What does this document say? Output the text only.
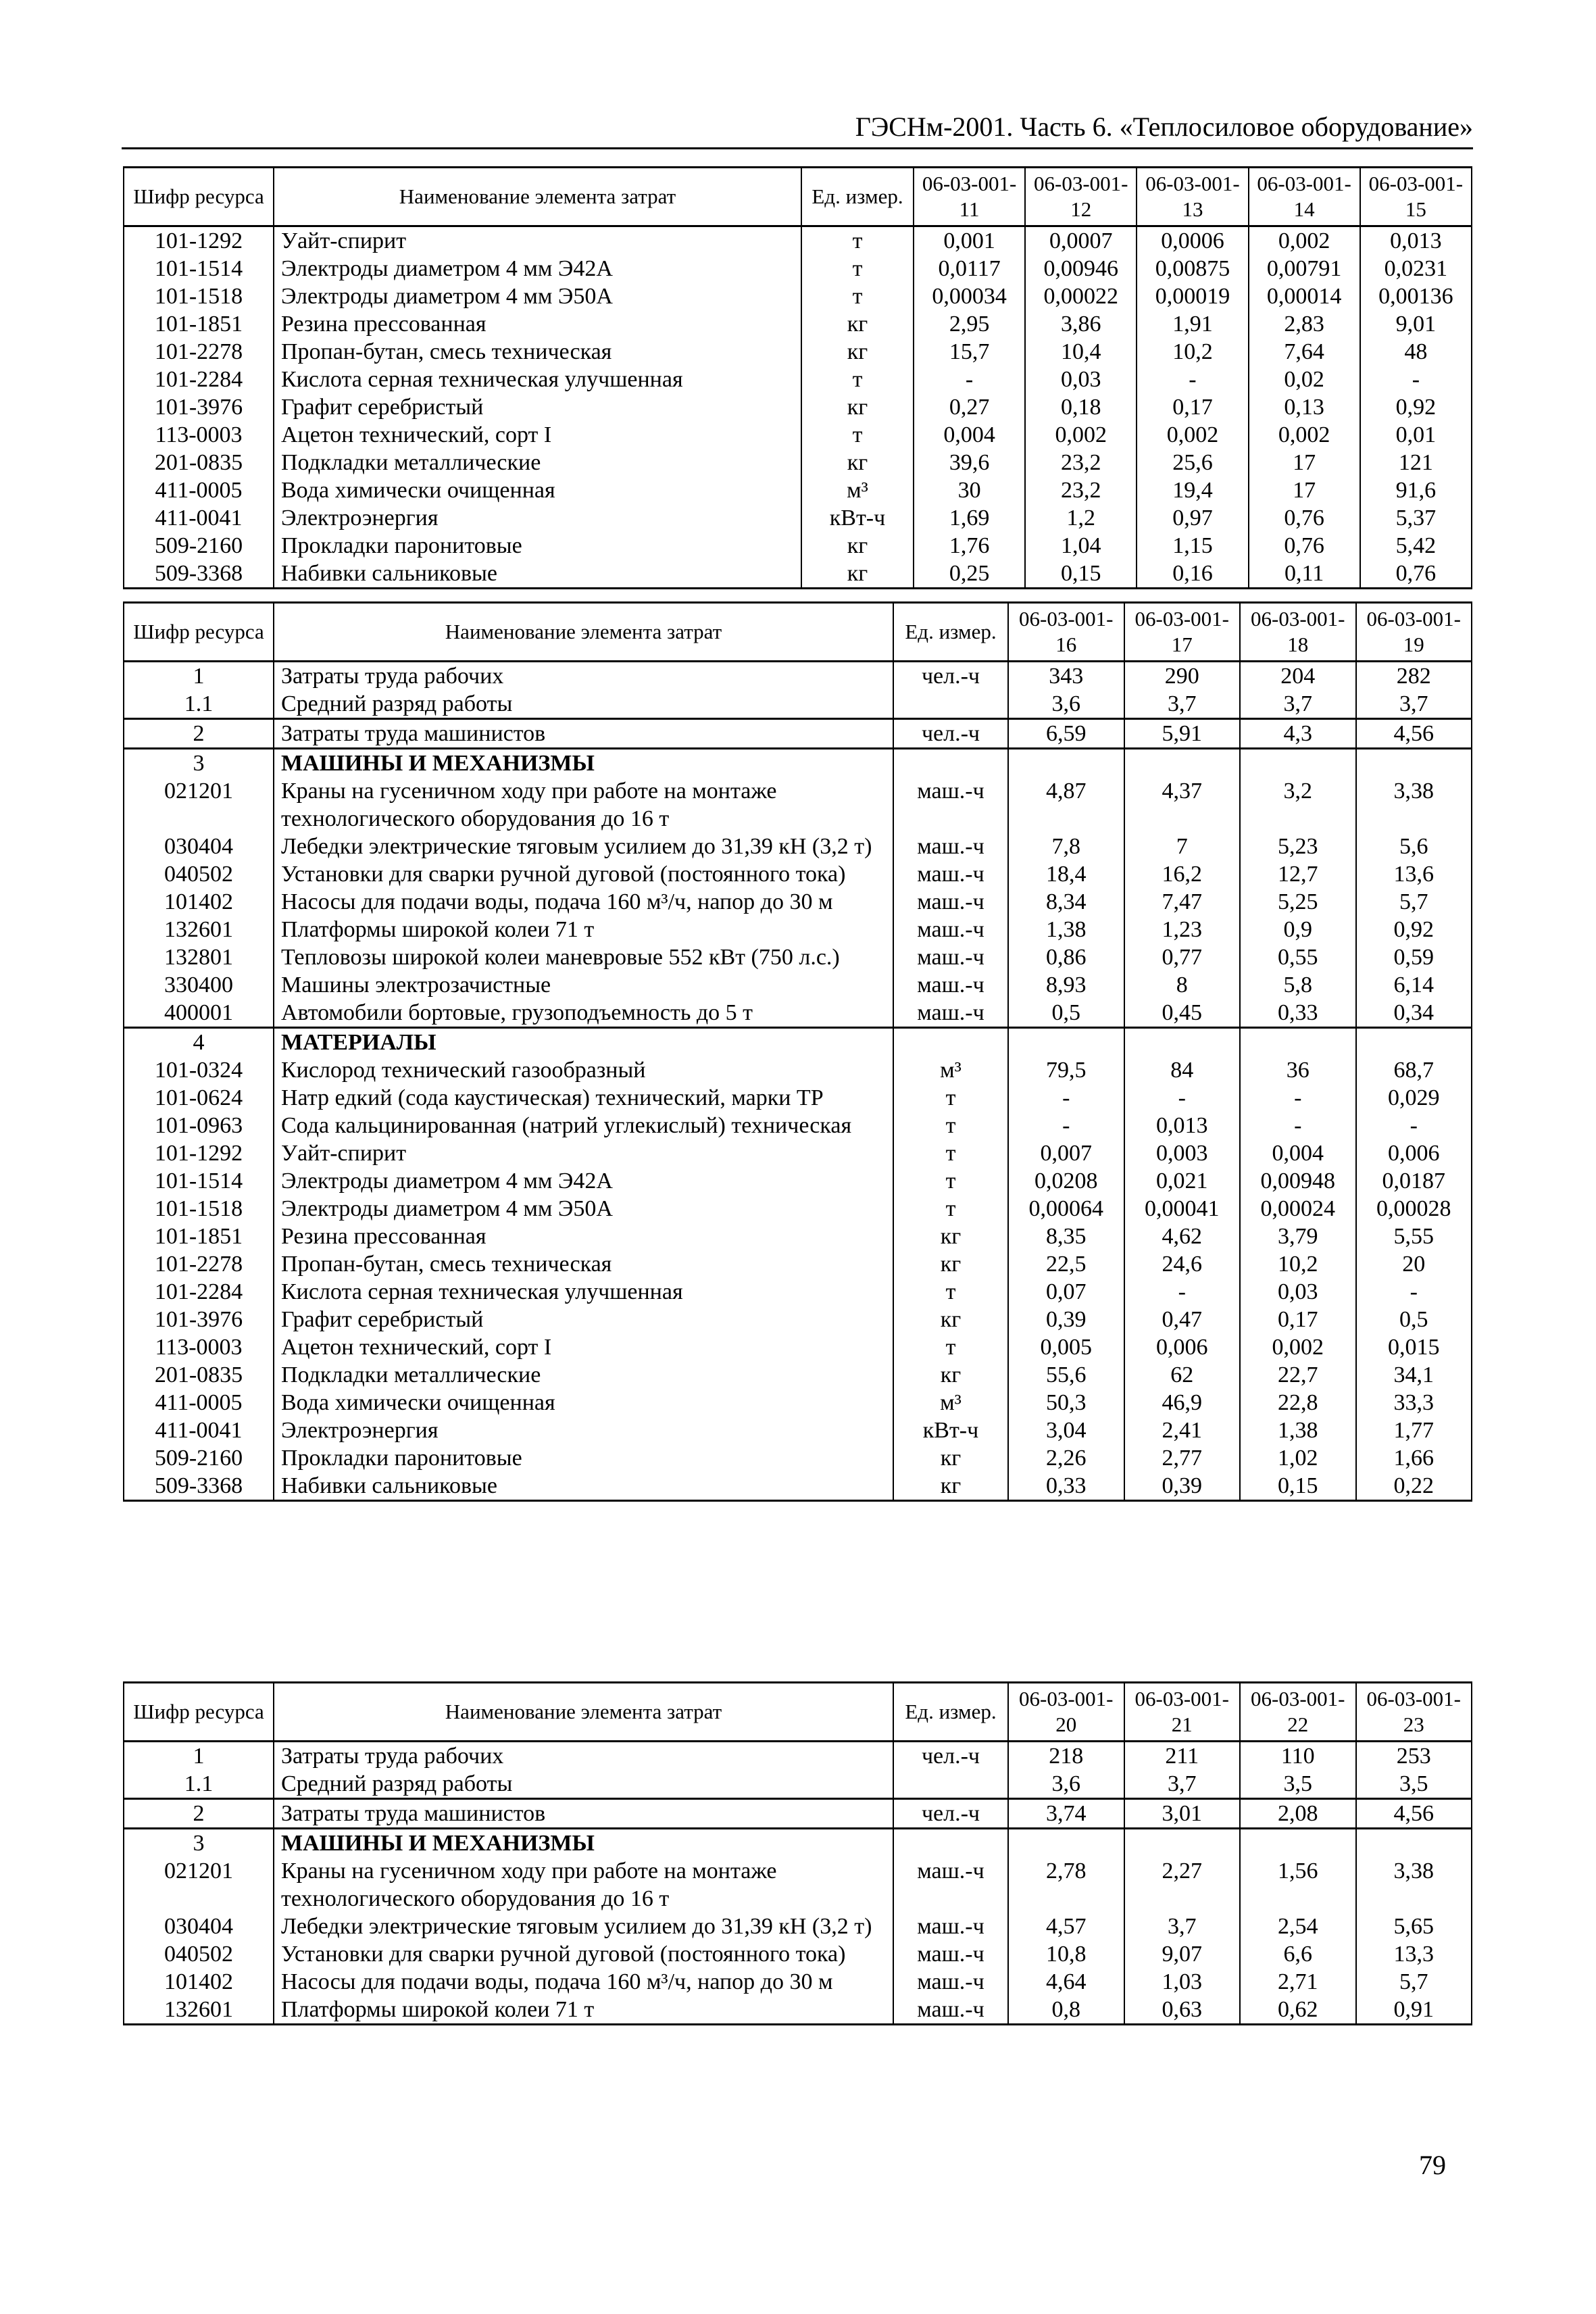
ГЭСНм-2001. Часть 6. «Теплосиловое оборудование»
Шифр ресурса	Наименование элемента затрат	Ед. измер.	06-03-001-11	06-03-001-12	06-03-001-13	06-03-001-14	06-03-001-15
101-1292	Уайт-спирит	т	0,001	0,0007	0,0006	0,002	0,013
101-1514	Электроды диаметром 4 мм Э42А	т	0,0117	0,00946	0,00875	0,00791	0,0231
101-1518	Электроды диаметром 4 мм Э50А	т	0,00034	0,00022	0,00019	0,00014	0,00136
101-1851	Резина прессованная	кг	2,95	3,86	1,91	2,83	9,01
101-2278	Пропан-бутан, смесь техническая	кг	15,7	10,4	10,2	7,64	48
101-2284	Кислота серная техническая улучшенная	т	-	0,03	-	0,02	-
101-3976	Графит серебристый	кг	0,27	0,18	0,17	0,13	0,92
113-0003	Ацетон технический, сорт I	т	0,004	0,002	0,002	0,002	0,01
201-0835	Подкладки металлические	кг	39,6	23,2	25,6	17	121
411-0005	Вода химически очищенная	м³	30	23,2	19,4	17	91,6
411-0041	Электроэнергия	кВт-ч	1,69	1,2	0,97	0,76	5,37
509-2160	Прокладки паронитовые	кг	1,76	1,04	1,15	0,76	5,42
509-3368	Набивки сальниковые	кг	0,25	0,15	0,16	0,11	0,76
Шифр ресурса	Наименование элемента затрат	Ед. измер.	06-03-001-16	06-03-001-17	06-03-001-18	06-03-001-19
1	Затраты труда рабочих	чел.-ч	343	290	204	282
1.1	Средний разряд работы		3,6	3,7	3,7	3,7
2	Затраты труда машинистов	чел.-ч	6,59	5,91	4,3	4,56
3	МАШИНЫ И МЕХАНИЗМЫ					
021201	Краны на гусеничном ходу при работе на монтаже технологического оборудования до 16 т	маш.-ч	4,87	4,37	3,2	3,38
030404	Лебедки электрические тяговым усилием до 31,39 кН (3,2 т)	маш.-ч	7,8	7	5,23	5,6
040502	Установки для сварки ручной дуговой (постоянного тока)	маш.-ч	18,4	16,2	12,7	13,6
101402	Насосы для подачи воды, подача 160 м³/ч, напор до 30 м	маш.-ч	8,34	7,47	5,25	5,7
132601	Платформы широкой колеи 71 т	маш.-ч	1,38	1,23	0,9	0,92
132801	Тепловозы широкой колеи маневровые 552 кВт (750 л.с.)	маш.-ч	0,86	0,77	0,55	0,59
330400	Машины электрозачистные	маш.-ч	8,93	8	5,8	6,14
400001	Автомобили бортовые, грузоподъемность до 5 т	маш.-ч	0,5	0,45	0,33	0,34
4	МАТЕРИАЛЫ					
101-0324	Кислород технический газообразный	м³	79,5	84	36	68,7
101-0624	Натр едкий (сода каустическая) технический, марки ТР	т	-	-	-	0,029
101-0963	Сода кальцинированная (натрий углекислый) техническая	т	-	0,013	-	-
101-1292	Уайт-спирит	т	0,007	0,003	0,004	0,006
101-1514	Электроды диаметром 4 мм Э42А	т	0,0208	0,021	0,00948	0,0187
101-1518	Электроды диаметром 4 мм Э50А	т	0,00064	0,00041	0,00024	0,00028
101-1851	Резина прессованная	кг	8,35	4,62	3,79	5,55
101-2278	Пропан-бутан, смесь техническая	кг	22,5	24,6	10,2	20
101-2284	Кислота серная техническая улучшенная	т	0,07	-	0,03	-
101-3976	Графит серебристый	кг	0,39	0,47	0,17	0,5
113-0003	Ацетон технический, сорт I	т	0,005	0,006	0,002	0,015
201-0835	Подкладки металлические	кг	55,6	62	22,7	34,1
411-0005	Вода химически очищенная	м³	50,3	46,9	22,8	33,3
411-0041	Электроэнергия	кВт-ч	3,04	2,41	1,38	1,77
509-2160	Прокладки паронитовые	кг	2,26	2,77	1,02	1,66
509-3368	Набивки сальниковые	кг	0,33	0,39	0,15	0,22
Шифр ресурса	Наименование элемента затрат	Ед. измер.	06-03-001-20	06-03-001-21	06-03-001-22	06-03-001-23
1	Затраты труда рабочих	чел.-ч	218	211	110	253
1.1	Средний разряд работы		3,6	3,7	3,5	3,5
2	Затраты труда машинистов	чел.-ч	3,74	3,01	2,08	4,56
3	МАШИНЫ И МЕХАНИЗМЫ					
021201	Краны на гусеничном ходу при работе на монтаже технологического оборудования до 16 т	маш.-ч	2,78	2,27	1,56	3,38
030404	Лебедки электрические тяговым усилием до 31,39 кН (3,2 т)	маш.-ч	4,57	3,7	2,54	5,65
040502	Установки для сварки ручной дуговой (постоянного тока)	маш.-ч	10,8	9,07	6,6	13,3
101402	Насосы для подачи воды, подача 160 м³/ч, напор до 30 м	маш.-ч	4,64	1,03	2,71	5,7
132601	Платформы широкой колеи 71 т	маш.-ч	0,8	0,63	0,62	0,91
79
